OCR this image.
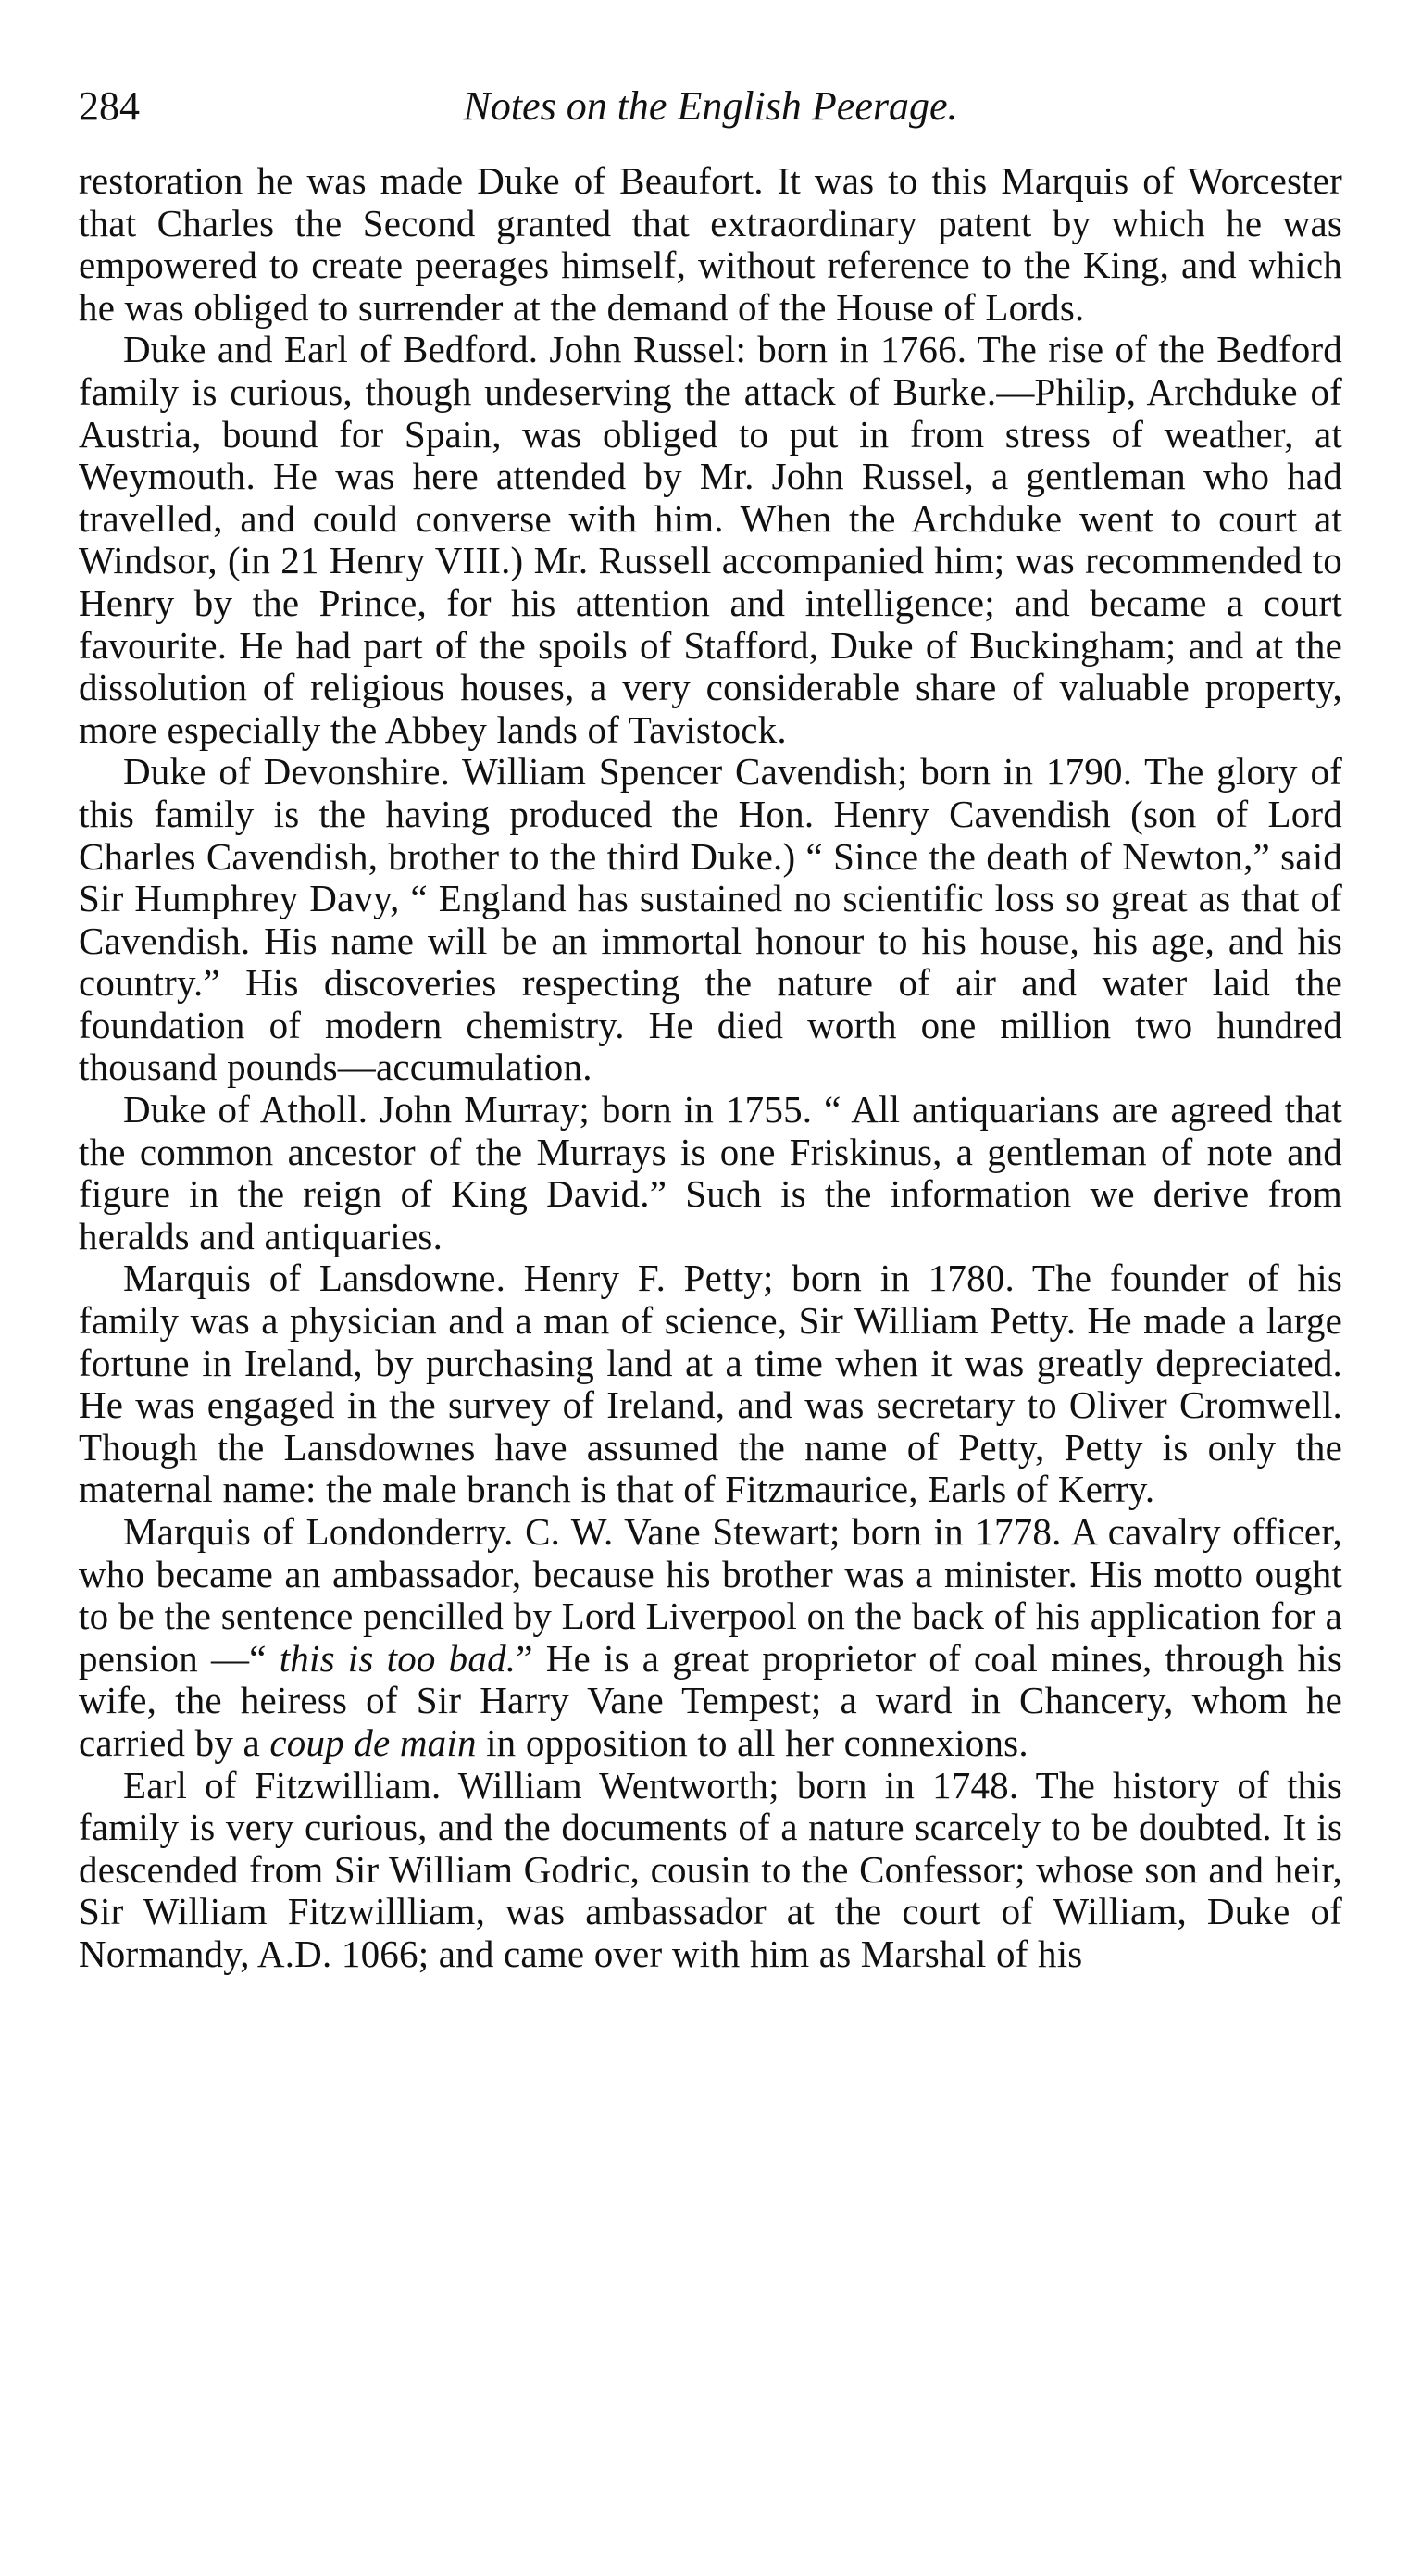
284	Notes on the English Peerage.

restoration he was made Duke of Beaufort. It was to this Marquis of Worcester that Charles the Second granted that extraordinary patent by which he was empowered to create peerages himself, without reference to the King, and which he was obliged to surrender at the demand of the House of Lords.

Duke and Earl of Bedford. John Russel: born in 1766. The rise of the Bedford family is curious, though undeserving the attack of Burke.—Philip, Archduke of Austria, bound for Spain, was obliged to put in from stress of weather, at Weymouth. He was here attended by Mr. John Russel, a gentleman who had travelled, and could converse with him. When the Archduke went to court at Windsor, (in 21 Henry VIII.) Mr. Russell accompanied him; was recommended to Henry by the Prince, for his attention and intelligence; and became a court favourite. He had part of the spoils of Stafford, Duke of Buckingham; and at the dissolution of religious houses, a very considerable share of valuable property, more especially the Abbey lands of Tavistock.

Duke of Devonshire. William Spencer Cavendish; born in 1790. The glory of this family is the having produced the Hon. Henry Cavendish (son of Lord Charles Cavendish, brother to the third Duke.) “ Since the death of Newton,” said Sir Humphrey Davy, “ England has sustained no scientific loss so great as that of Cavendish. His name will be an immortal honour to his house, his age, and his country.” His discoveries respecting the nature of air and water laid the foundation of modern chemistry. He died worth one million two hundred thousand pounds—accumulation.

Duke of Atholl. John Murray; born in 1755. “ All antiquarians are agreed that the common ancestor of the Murrays is one Friskinus, a gentleman of note and figure in the reign of King David.” Such is the information we derive from heralds and antiquaries.

Marquis of Lansdowne. Henry F. Petty; born in 1780. The founder of his family was a physician and a man of science, Sir William Petty. He made a large fortune in Ireland, by purchasing land at a time when it was greatly depreciated. He was engaged in the survey of Ireland, and was secretary to Oliver Cromwell. Though the Lansdownes have assumed the name of Petty, Petty is only the maternal name: the male branch is that of Fitzmaurice, Earls of Kerry.

Marquis of Londonderry. C. W. Vane Stewart; born in 1778. A cavalry officer, who became an ambassador, because his brother was a minister. His motto ought to be the sentence pencilled by Lord Liverpool on the back of his application for a pension —“ this is too bad.” He is a great proprietor of coal mines, through his wife, the heiress of Sir Harry Vane Tempest; a ward in Chancery, whom he carried by a coup de main in opposition to all her connexions.

Earl of Fitzwilliam. William Wentworth; born in 1748. The history of this family is very curious, and the documents of a nature scarcely to be doubted. It is descended from Sir William Godric, cousin to the Confessor; whose son and heir, Sir William Fitzwillliam, was ambassador at the court of William, Duke of Normandy, A.D. 1066; and came over with him as Marshal of his
